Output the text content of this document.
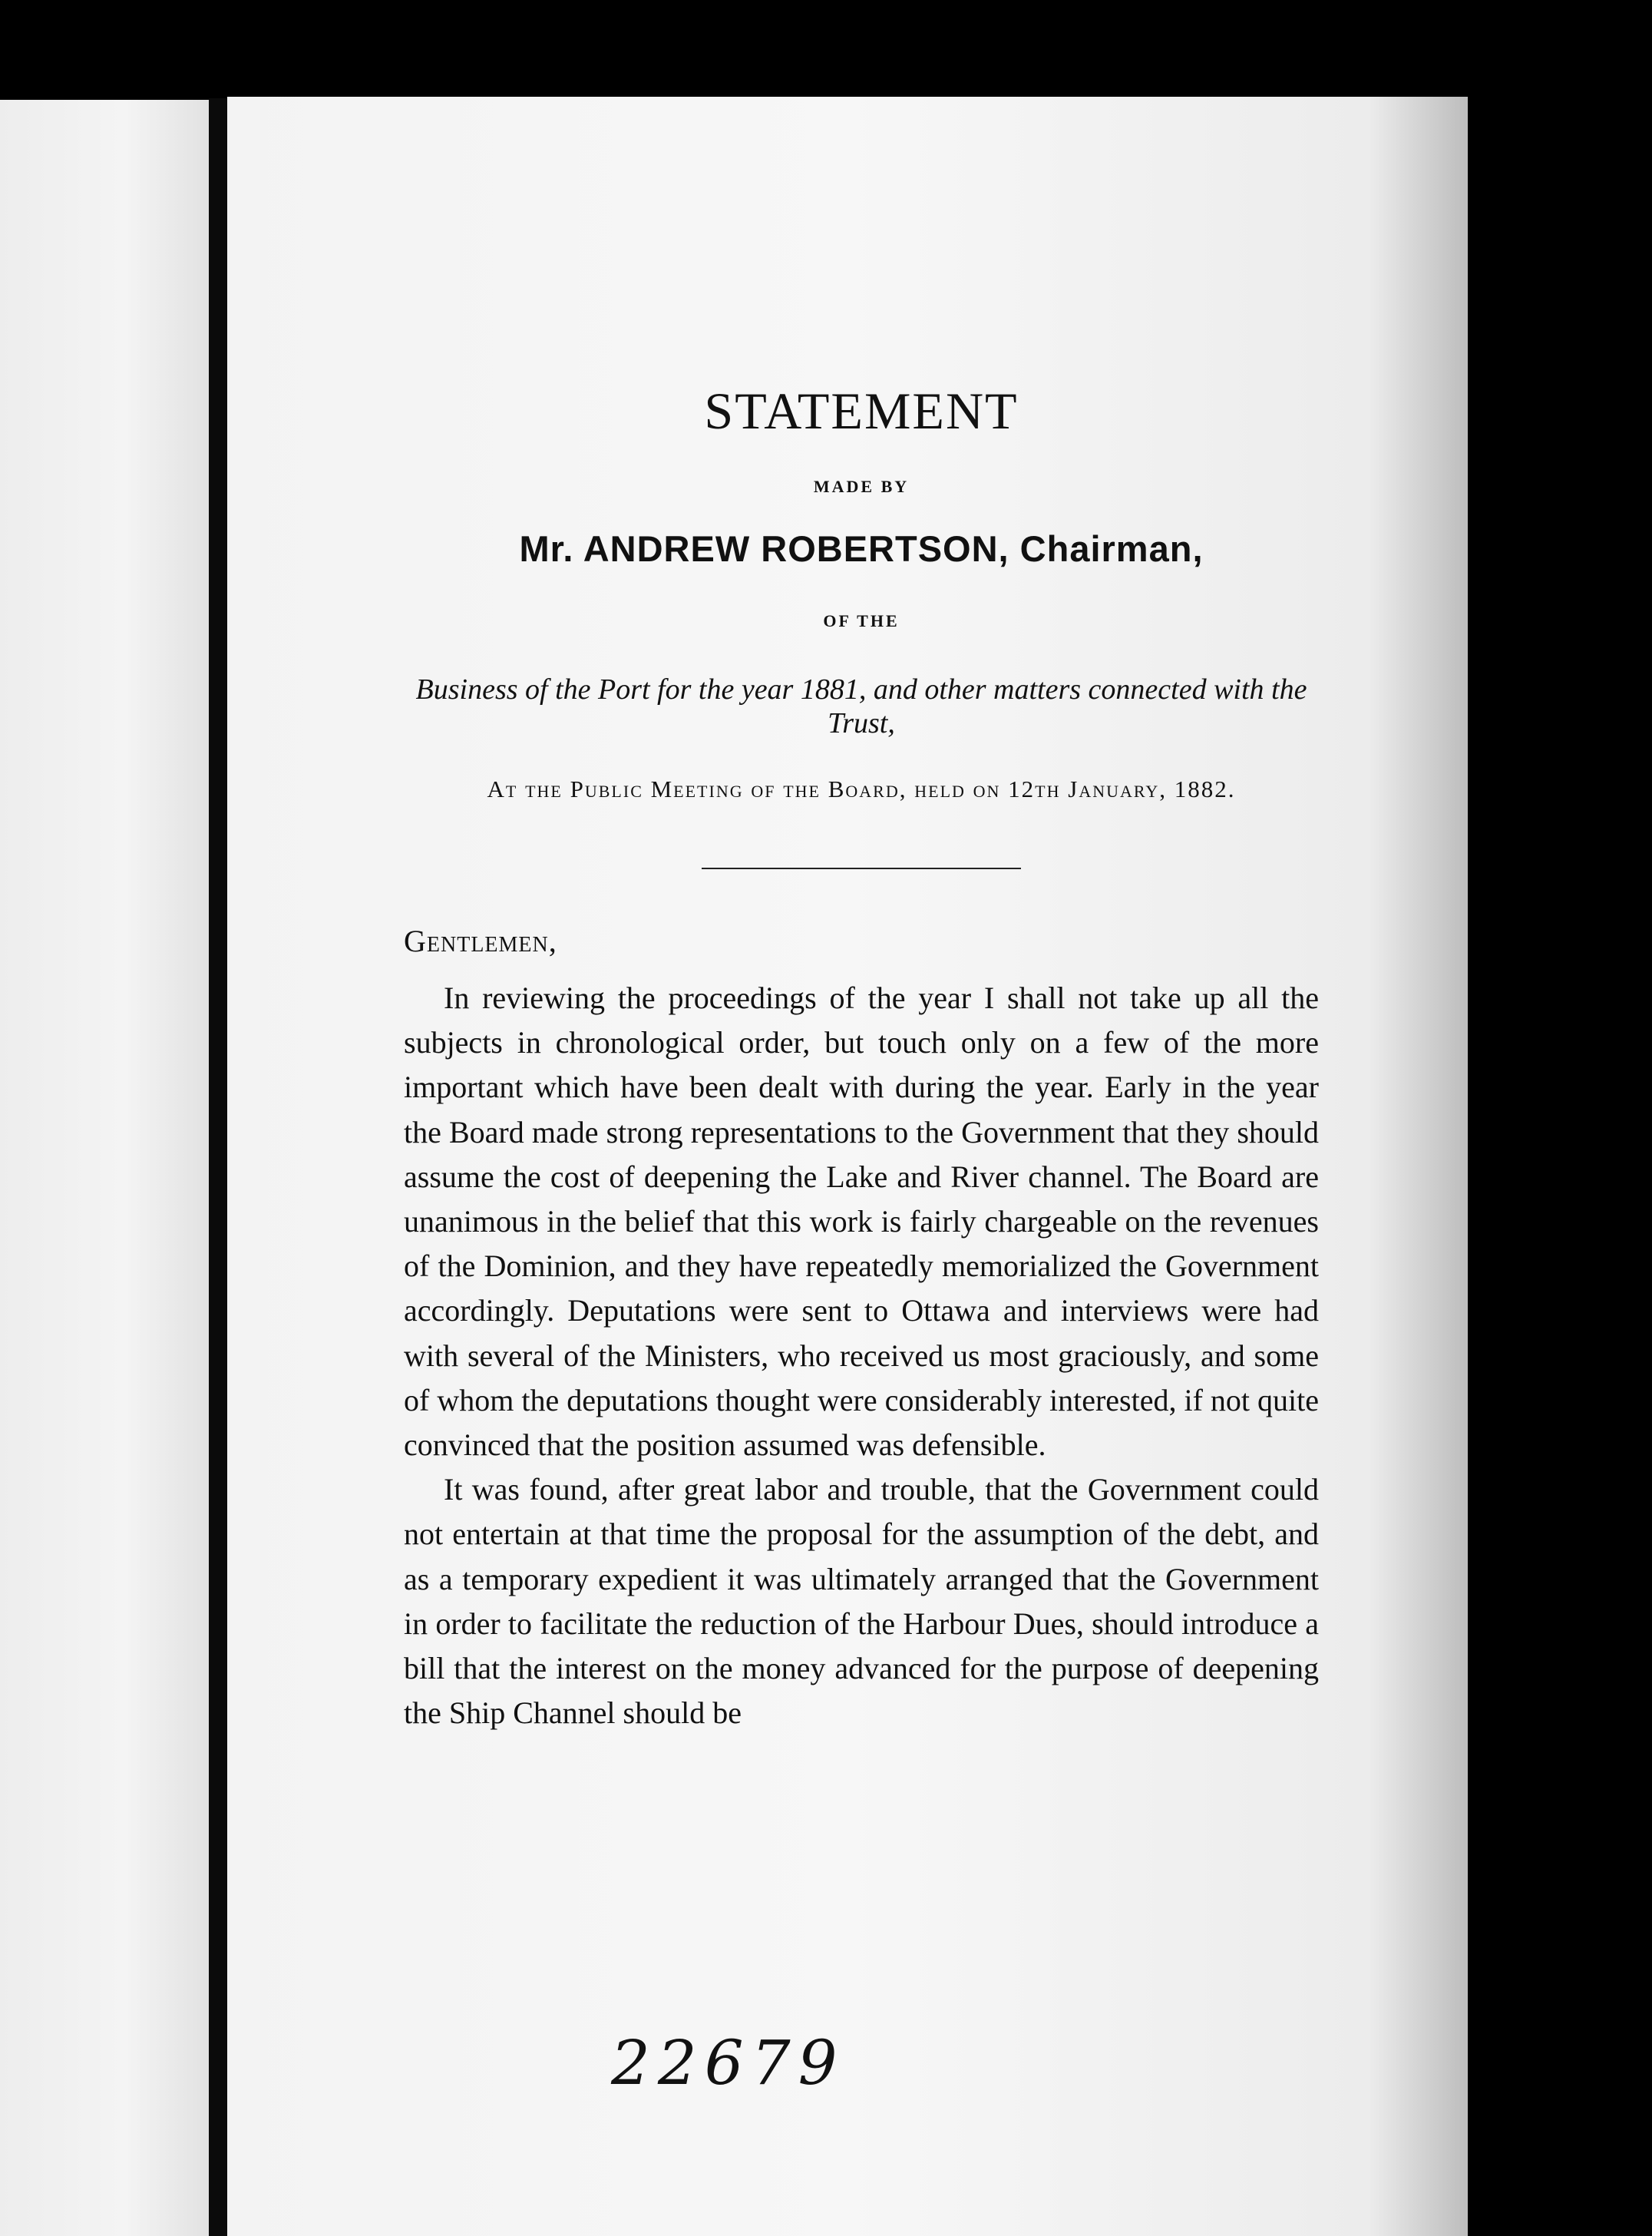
STATEMENT
MADE BY
Mr. ANDREW ROBERTSON, Chairman,
OF THE

Business of the Port for the year 1881, and other matters connected with the Trust,

At the Public Meeting of the Board, held on 12th January, 1882.

Gentlemen,

In reviewing the proceedings of the year I shall not take up all the subjects in chronological order, but touch only on a few of the more important which have been dealt with during the year. Early in the year the Board made strong representations to the Government that they should assume the cost of deepening the Lake and River channel. The Board are unanimous in the belief that this work is fairly chargeable on the revenues of the Dominion, and they have repeatedly memorialized the Government accordingly. Deputations were sent to Ottawa and interviews were had with several of the Ministers, who received us most graciously, and some of whom the deputations thought were considerably interested, if not quite convinced that the position assumed was defensible.

It was found, after great labor and trouble, that the Government could not entertain at that time the proposal for the assumption of the debt, and as a temporary expedient it was ultimately arranged that the Government in order to facilitate the reduction of the Harbour Dues, should introduce a bill that the interest on the money advanced for the purpose of deepening the Ship Channel should be

22679
